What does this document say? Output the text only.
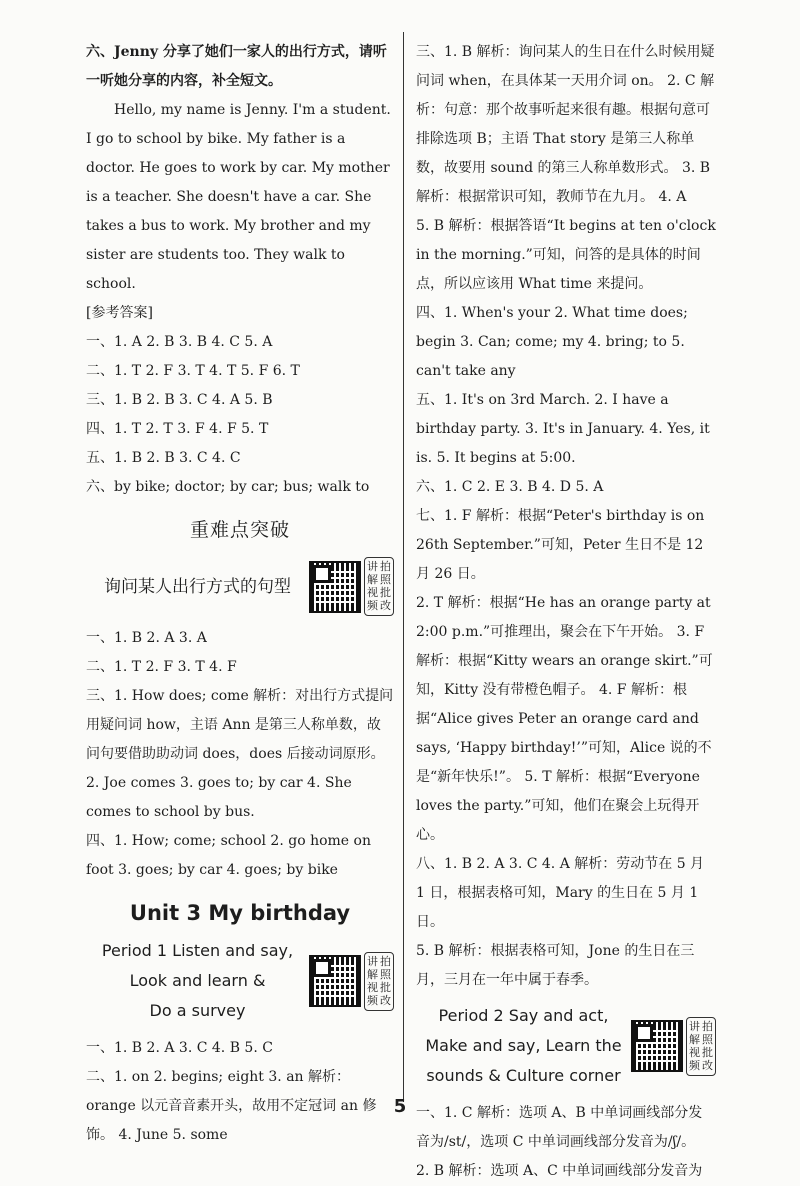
六、Jenny 分享了她们一家人的出行方式，请听一听她分享的内容，补全短文。

Hello, my name is Jenny. I'm a student. I go to school by bike. My father is a doctor. He goes to work by car. My mother is a teacher. She doesn't have a car. She takes a bus to work. My brother and my sister are students too. They walk to school.

[参考答案]

一、1. A 2. B 3. B 4. C 5. A

二、1. T 2. F 3. T 4. T 5. F 6. T

三、1. B 2. B 3. C 4. A 5. B

四、1. T 2. T 3. F 4. F 5. T

五、1. B 2. B 3. C 4. C

六、by bike; doctor; by car; bus; walk to

重难点突破
询问某人出行方式的句型
讲 拍
解 照
视 批
频 改

一、1. B 2. A 3. A

二、1. T 2. F 3. T 4. F

三、1. How does; come 解析：对出行方式提问用疑问词 how，主语 Ann 是第三人称单数，故问句要借助助动词 does，does 后接动词原形。

2. Joe comes 3. goes to; by car 4. She comes to school by bus.

四、1. How; come; school 2. go home on foot 3. goes; by car 4. goes; by bike

Unit 3 My birthday
Period 1 Listen and say,
Look and learn &
Do a survey
讲 拍
解 照
视 批
频 改

一、1. B 2. A 3. C 4. B 5. C

二、1. on 2. begins; eight 3. an 解析：orange 以元音音素开头，故用不定冠词 an 修饰。 4. June 5. some

三、1. B 解析：询问某人的生日在什么时候用疑问词 when，在具体某一天用介词 on。 2. C 解析：句意：那个故事听起来很有趣。根据句意可排除选项 B；主语 That story 是第三人称单数，故要用 sound 的第三人称单数形式。 3. B 解析：根据常识可知，教师节在九月。 4. A

5. B 解析：根据答语“It begins at ten o'clock in the morning.”可知，问答的是具体的时间点，所以应该用 What time 来提问。

四、1. When's your 2. What time does; begin 3. Can; come; my 4. bring; to 5. can't take any

五、1. It's on 3rd March. 2. I have a birthday party. 3. It's in January. 4. Yes, it is. 5. It begins at 5:00.

六、1. C 2. E 3. B 4. D 5. A

七、1. F 解析：根据“Peter's birthday is on 26th September.”可知，Peter 生日不是 12 月 26 日。

2. T 解析：根据“He has an orange party at 2:00 p.m.”可推理出，聚会在下午开始。 3. F 解析：根据“Kitty wears an orange skirt.”可知，Kitty 没有带橙色帽子。 4. F 解析：根据“Alice gives Peter an orange card and says, ‘Happy birthday!’”可知，Alice 说的不是“新年快乐!”。 5. T 解析：根据“Everyone loves the party.”可知，他们在聚会上玩得开心。

八、1. B 2. A 3. C 4. A 解析：劳动节在 5 月 1 日，根据表格可知，Mary 的生日在 5 月 1 日。

5. B 解析：根据表格可知，Jone 的生日在三月，三月在一年中属于春季。

Period 2 Say and act,
Make and say, Learn the
sounds & Culture corner
讲 拍
解 照
视 批
频 改

一、1. C 解析：选项 A、B 中单词画线部分发音为/st/，选项 C 中单词画线部分发音为/ʃ/。

2. B 解析：选项 A、C 中单词画线部分发音为

5
